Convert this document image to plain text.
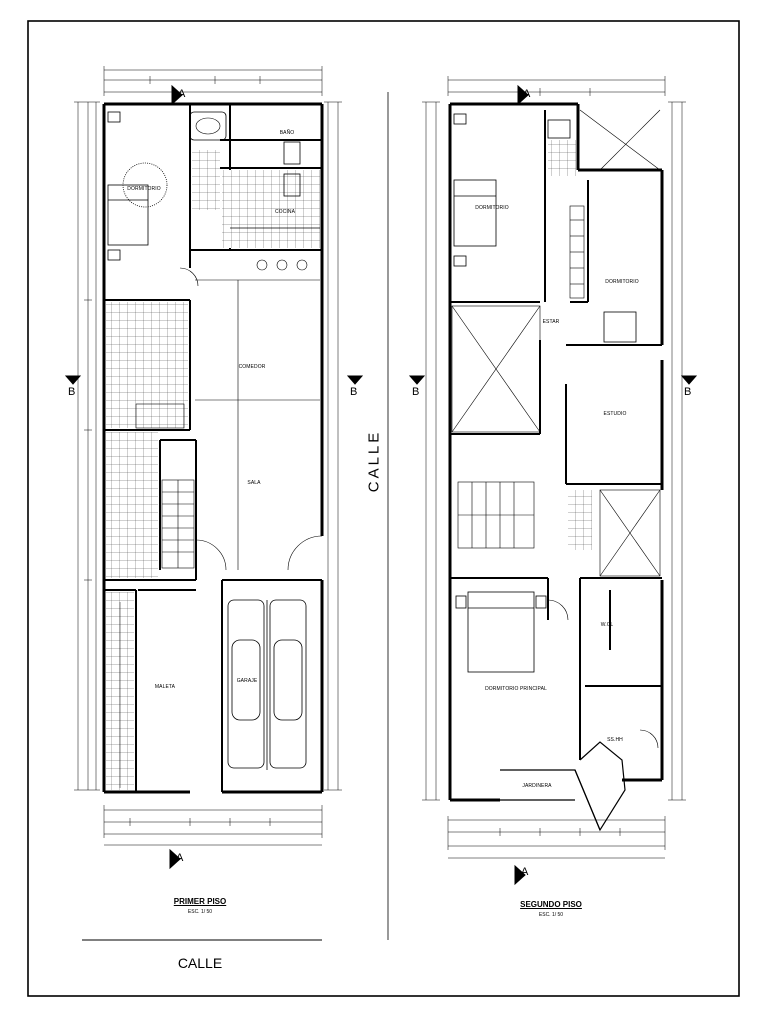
DORMITORIO
BAÑO
COCINA
COMEDOR
SALA
GARAJE
MALETA
DORMITORIO
DORMITORIO
ESTAR
ESTUDIO
DORMITORIO PRINCIPAL
W.CL
SS.HH
JARDINERA
B	B
A
A
B	B
A
A
PRIMER PISO
ESC. 1/ 50
SEGUNDO PISO
ESC. 1/ 50
CALLE
CALLE
